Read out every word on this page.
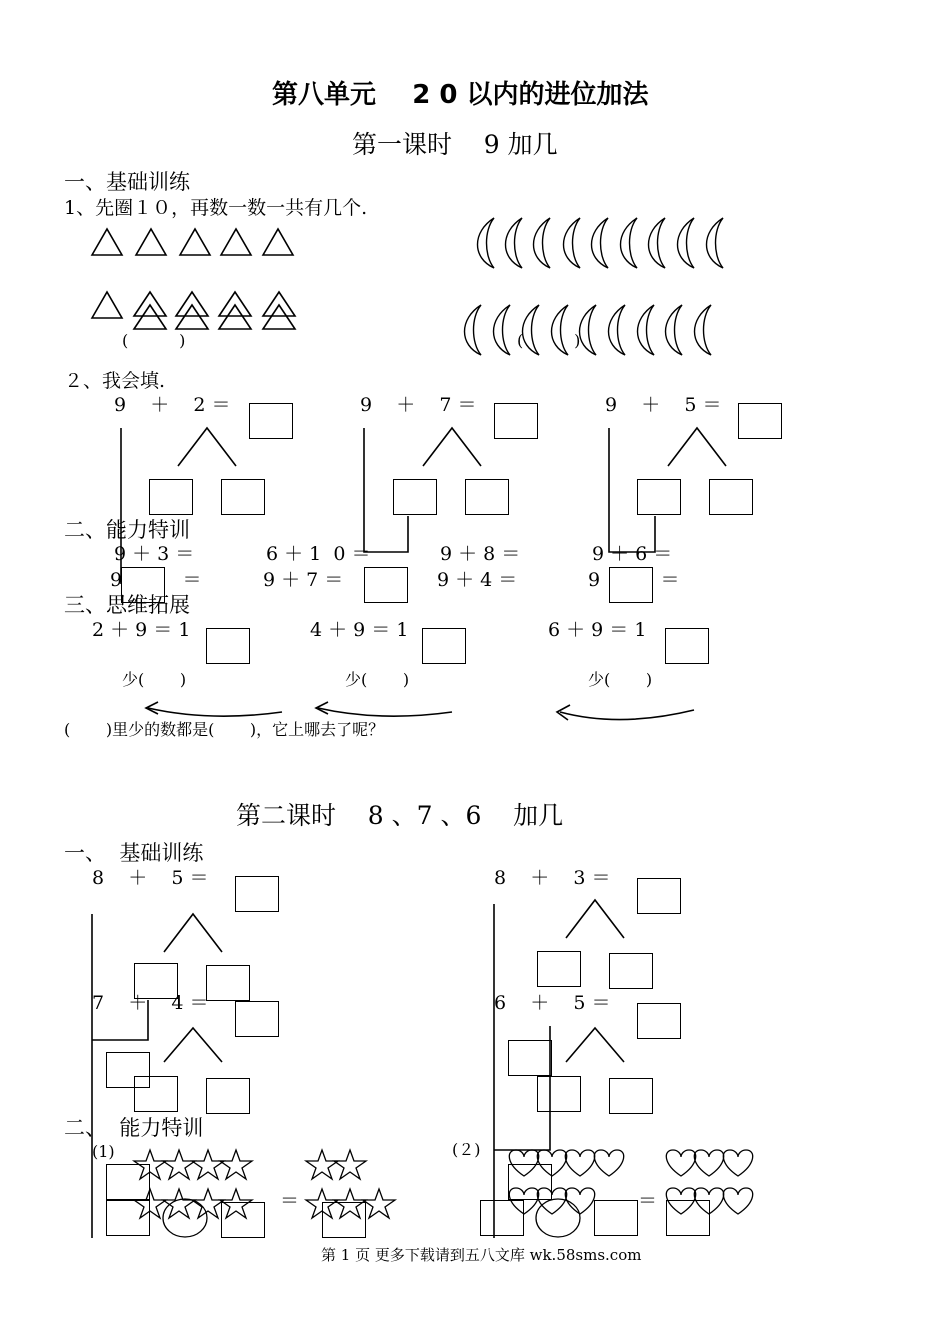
第八单元    2 0 以内的进位加法
第一课时    9 加几
一、基础训练
1、先圈１０，再数一数一共有几个.
(          )	(          )
２、我会填.
9    ＋    2 ＝	9    ＋    7 ＝	9    ＋    5 ＝
二、能力特训
9 ＋ 3 ＝	6 ＋ 1  0 ＝	9 ＋ 8 ＝	9 ＋ 6 ＝
9          ＝	9 ＋ 7 ＝	9 ＋ 4 ＝	9          ＝
三、思维拓展
2 ＋ 9 ＝ 1	4 ＋ 9 ＝ 1	6 ＋ 9 ＝ 1
少(       )	少(       )	少(       )
(       )里少的数都是(       )，它上哪去了呢？
第二课时    8 、7 、6    加几
一、  基础训练
8    ＋    5 ＝	8    ＋    3 ＝
7    ＋    4 ＝	6    ＋    5 ＝
二、  能力特训
(1)	(２)
＝	＝
第 1 页 更多下载请到五八文库 wk.58sms.com
